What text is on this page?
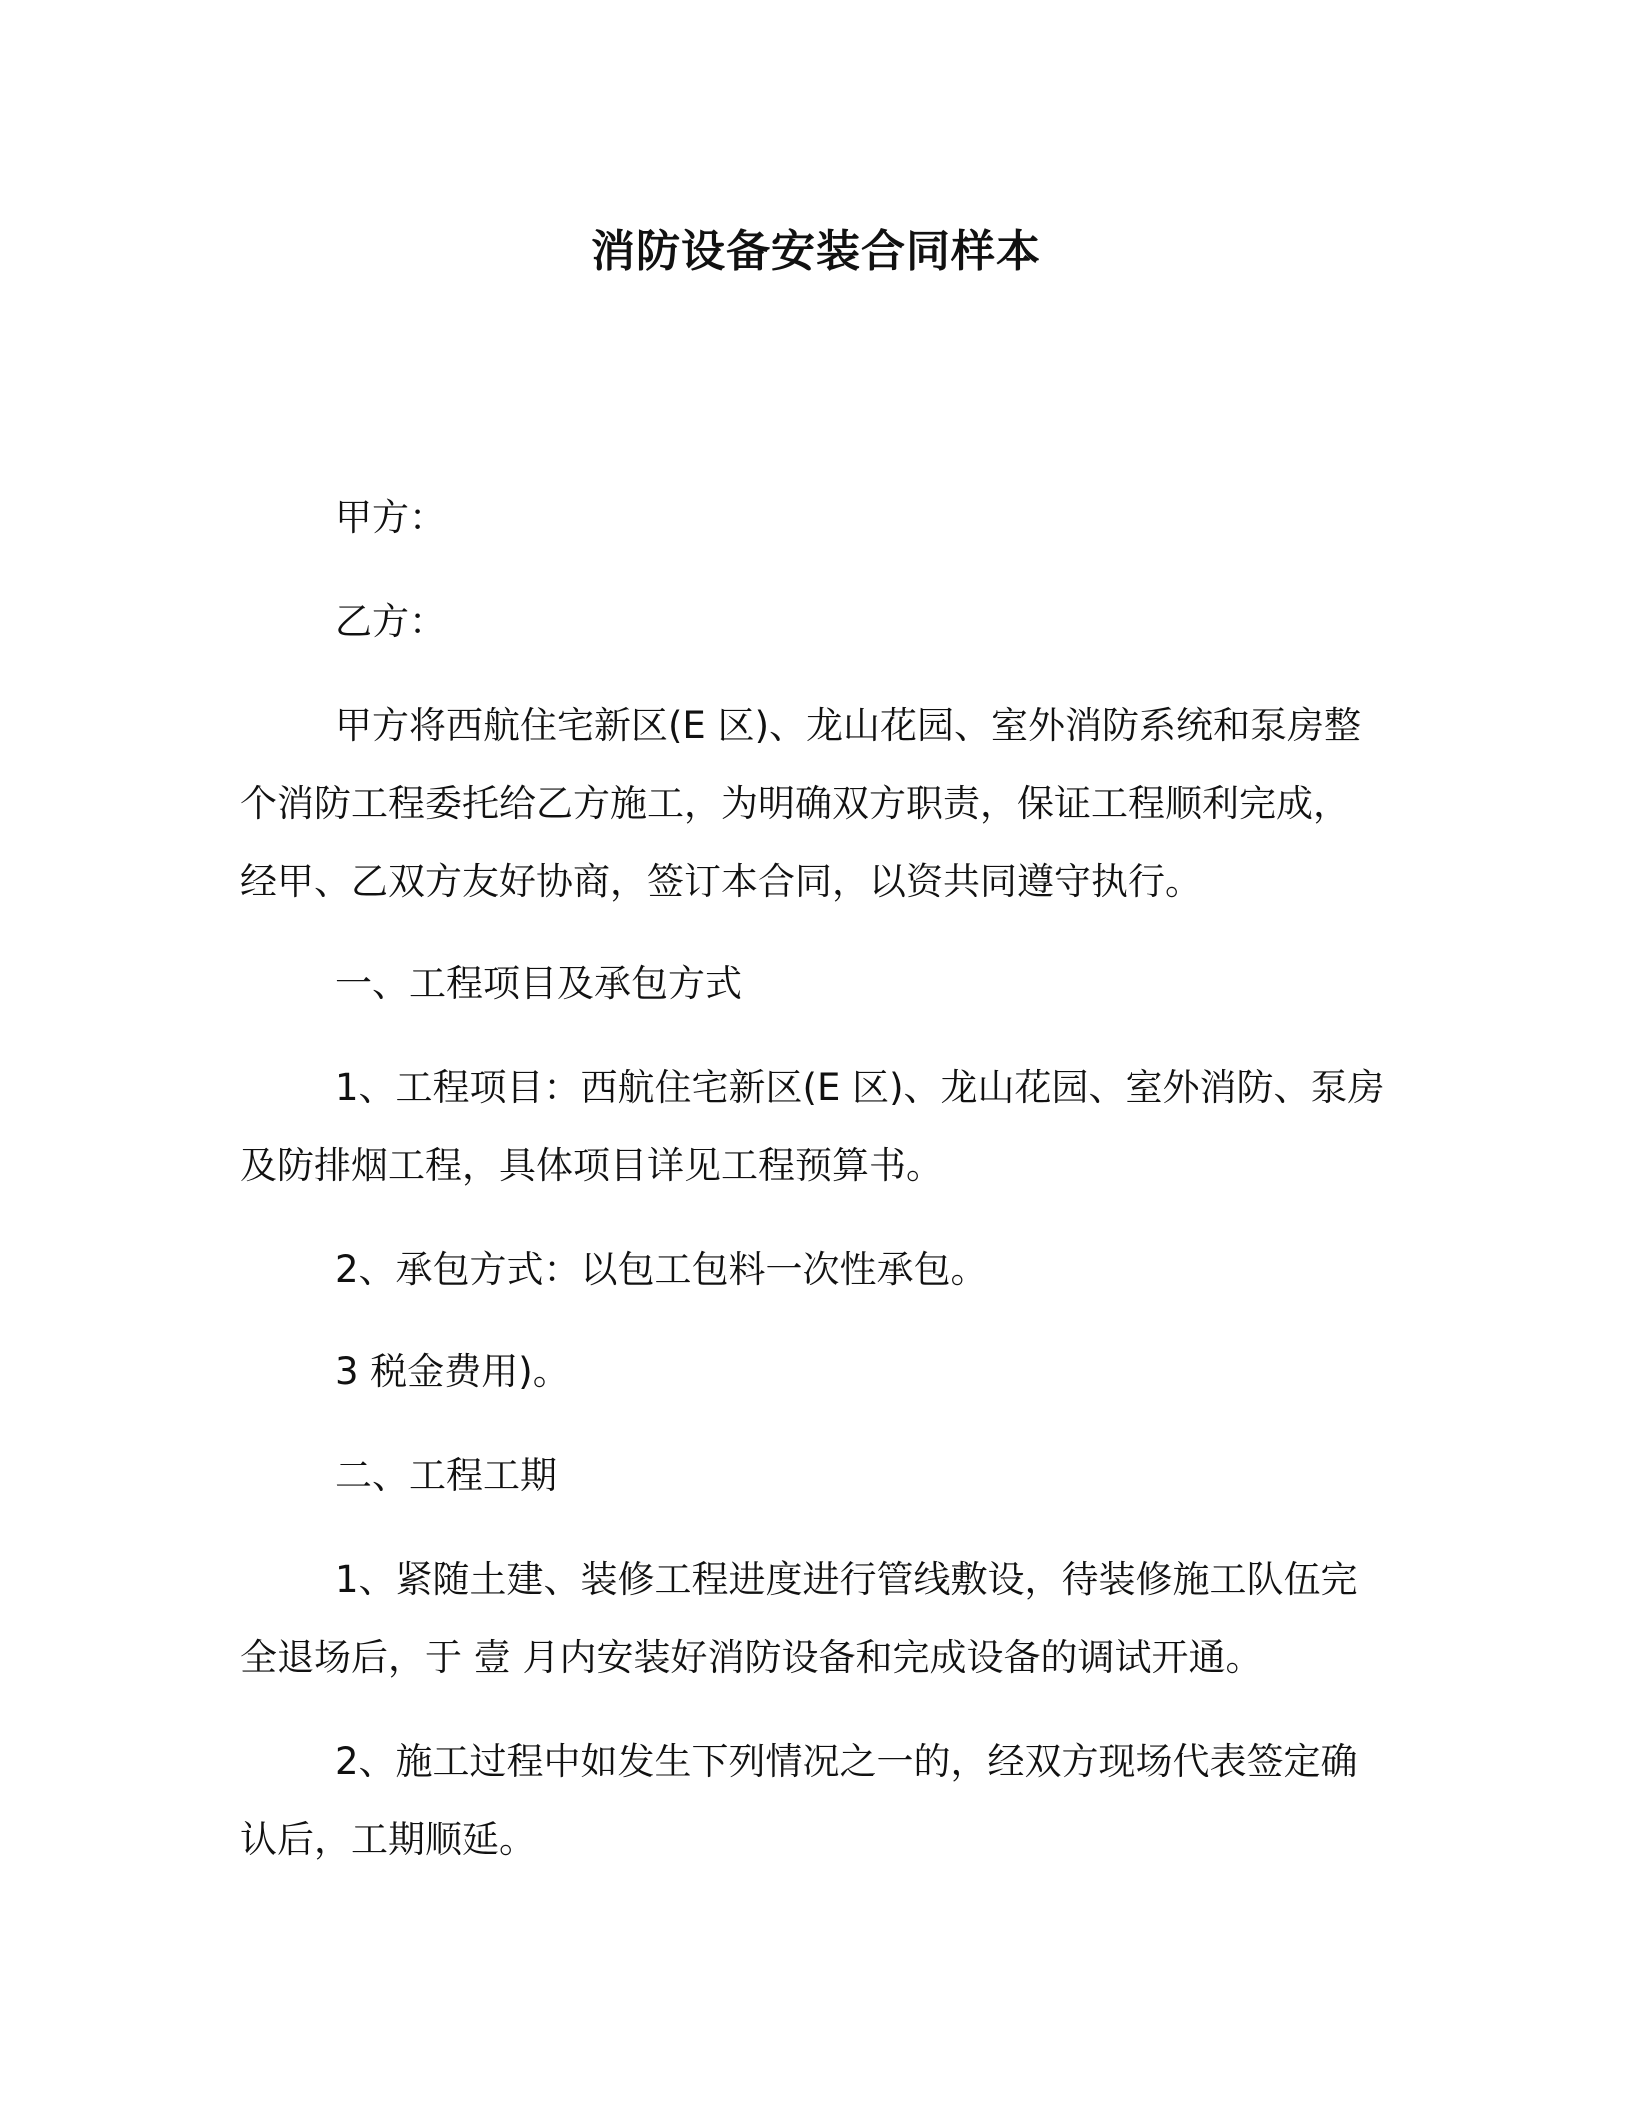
消防设备安装合同样本
甲方：
乙方：
甲方将西航住宅新区(E 区)、龙山花园、室外消防系统和泵房整
个消防工程委托给乙方施工，为明确双方职责，保证工程顺利完成，
经甲、乙双方友好协商，签订本合同，以资共同遵守执行。
一、工程项目及承包方式
1、工程项目：西航住宅新区(E 区)、龙山花园、室外消防、泵房
及防排烟工程，具体项目详见工程预算书。
2、承包方式：以包工包料一次性承包。
3 税金费用)。
二、工程工期
1、紧随土建、装修工程进度进行管线敷设，待装修施工队伍完
全退场后，于 壹 月内安装好消防设备和完成设备的调试开通。
2、施工过程中如发生下列情况之一的，经双方现场代表签定确
认后，工期顺延。
